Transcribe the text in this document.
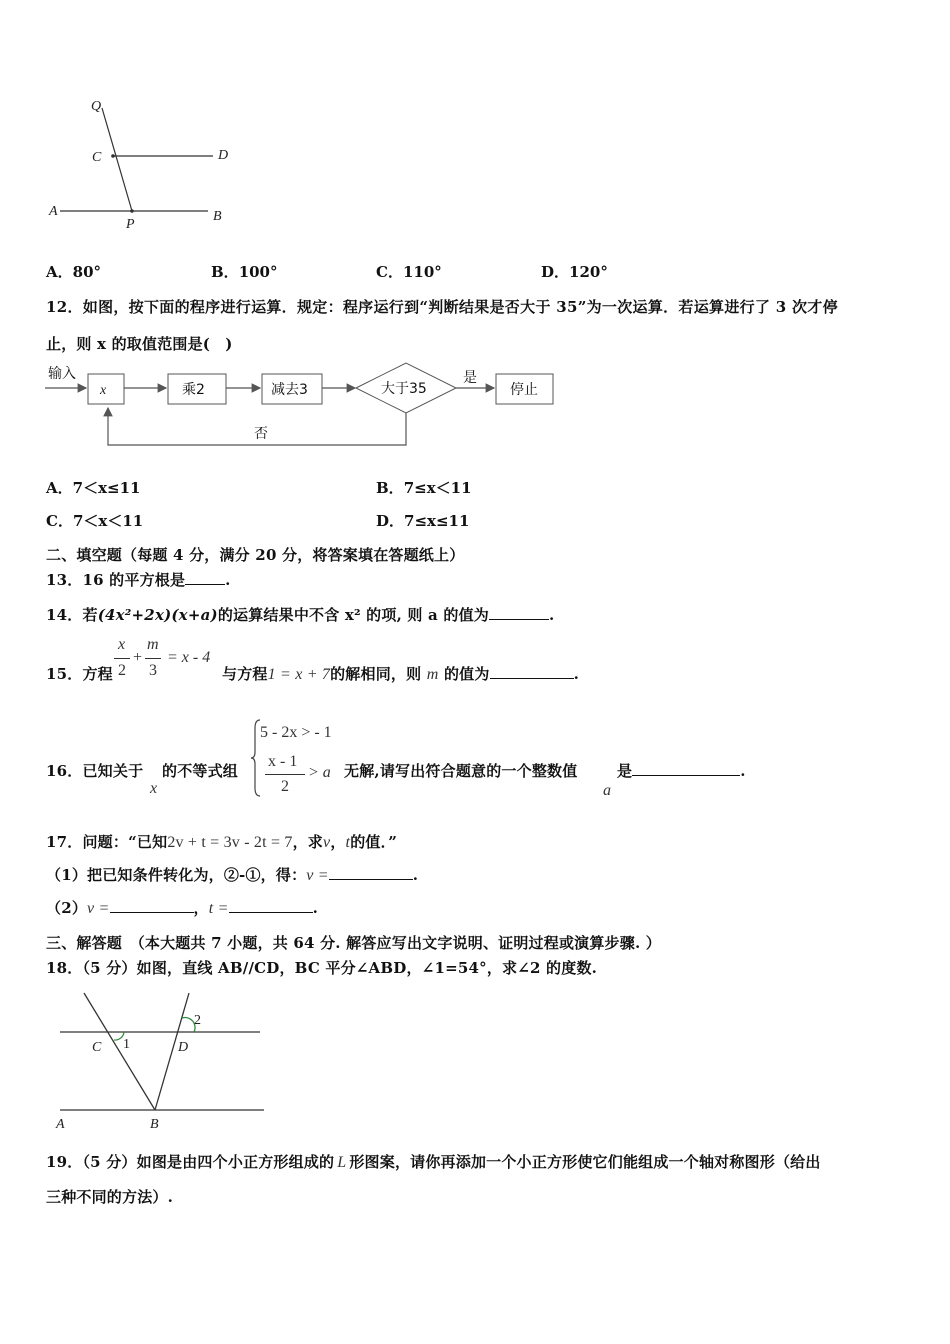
Q
C	D
A
P
B
A．80°	B．100°	C．110°	D．120°
12．如图，按下面的程序进行运算．规定：程序运行到“判断结果是否大于 35”为一次运算．若运算进行了 3 次才停
止，则 x 的取值范围是(　)
输入
x	乘2	减去3	大于35
是
停止
否
A．7＜x≤11	B．7≤x＜11
C．7＜x＜11	D．7≤x≤11
二、填空题（每题 4 分，满分 20 分，将答案填在答题纸上）
13．16 的平方根是	.
14．若(4x²+2x)(x+a)的运算结果中不含 x² 的项, 则 a 的值为	.
15．方程
x
2
+
m
3
= x - 4
与方程1 = x + 7的解相同，则 m 的值为	.
16．已知关于
x
的不等式组
5 - 2x > - 1
x - 1
2
> a 无解,请写出符合题意的一个整数值
a
是	.
17．问题：“已知2v + t = 3v - 2t = 7，求v，t的值．”
（1）把已知条件转化为，②-①，得：v =	.
（2）v =	，t =	.
三、解答题　（本大题共 7 小题，共 64 分. 解答应写出文字说明、证明过程或演算步骤. ）
18．（5 分）如图，直线 AB//CD，BC 平分∠ABD，∠1=54°，求∠2 的度数.
C 1	D
2
A	B
19．（5 分）如图是由四个小正方形组成的 L 形图案，请你再添加一个小正方形使它们能组成一个轴对称图形（给出
三种不同的方法）.
